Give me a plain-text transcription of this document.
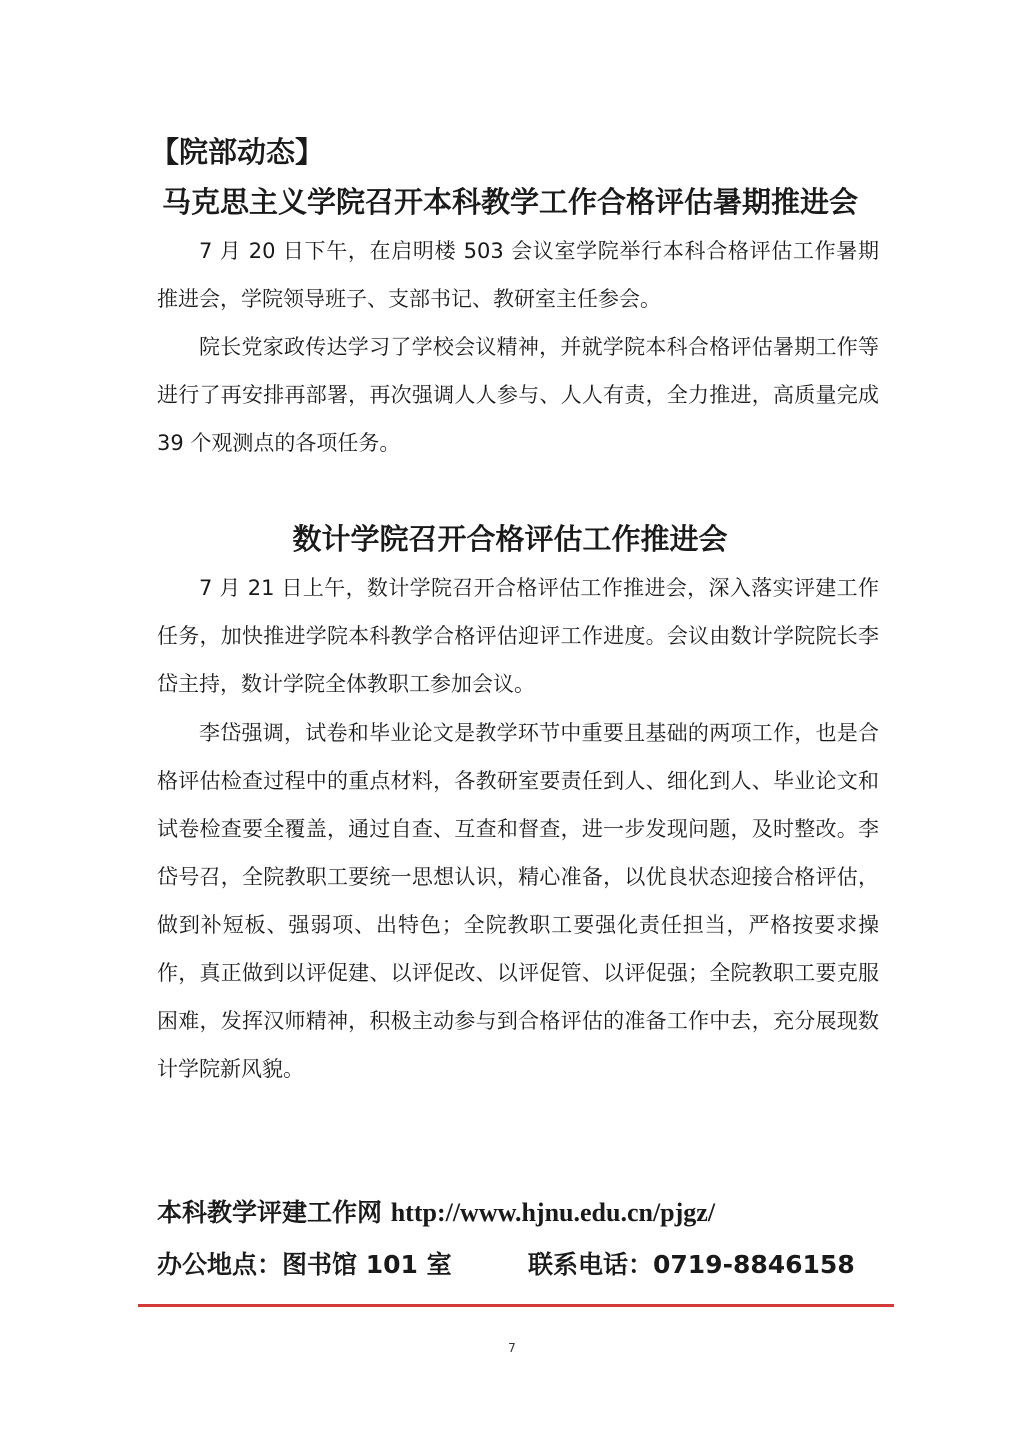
【院部动态】
马克思主义学院召开本科教学工作合格评估暑期推进会

7 月 20 日下午，在启明楼 503 会议室学院举行本科合格评估工作暑期推进会，学院领导班子、支部书记、教研室主任参会。

院长党家政传达学习了学校会议精神，并就学院本科合格评估暑期工作等进行了再安排再部署，再次强调人人参与、人人有责，全力推进，高质量完成 39 个观测点的各项任务。

数计学院召开合格评估工作推进会

7 月 21 日上午，数计学院召开合格评估工作推进会，深入落实评建工作任务，加快推进学院本科教学合格评估迎评工作进度。会议由数计学院院长李岱主持，数计学院全体教职工参加会议。

李岱强调，试卷和毕业论文是教学环节中重要且基础的两项工作，也是合格评估检查过程中的重点材料，各教研室要责任到人、细化到人、毕业论文和试卷检查要全覆盖，通过自查、互查和督查，进一步发现问题，及时整改。李岱号召，全院教职工要统一思想认识，精心准备，以优良状态迎接合格评估，做到补短板、强弱项、出特色；全院教职工要强化责任担当，严格按要求操作，真正做到以评促建、以评促改、以评促管、以评促强；全院教职工要克服困难，发挥汉师精神，积极主动参与到合格评估的准备工作中去，充分展现数计学院新风貌。

本科教学评建工作网 http://www.hjnu.edu.cn/pjgz/
办公地点：图书馆 101 室	联系电话：0719-8846158
7
